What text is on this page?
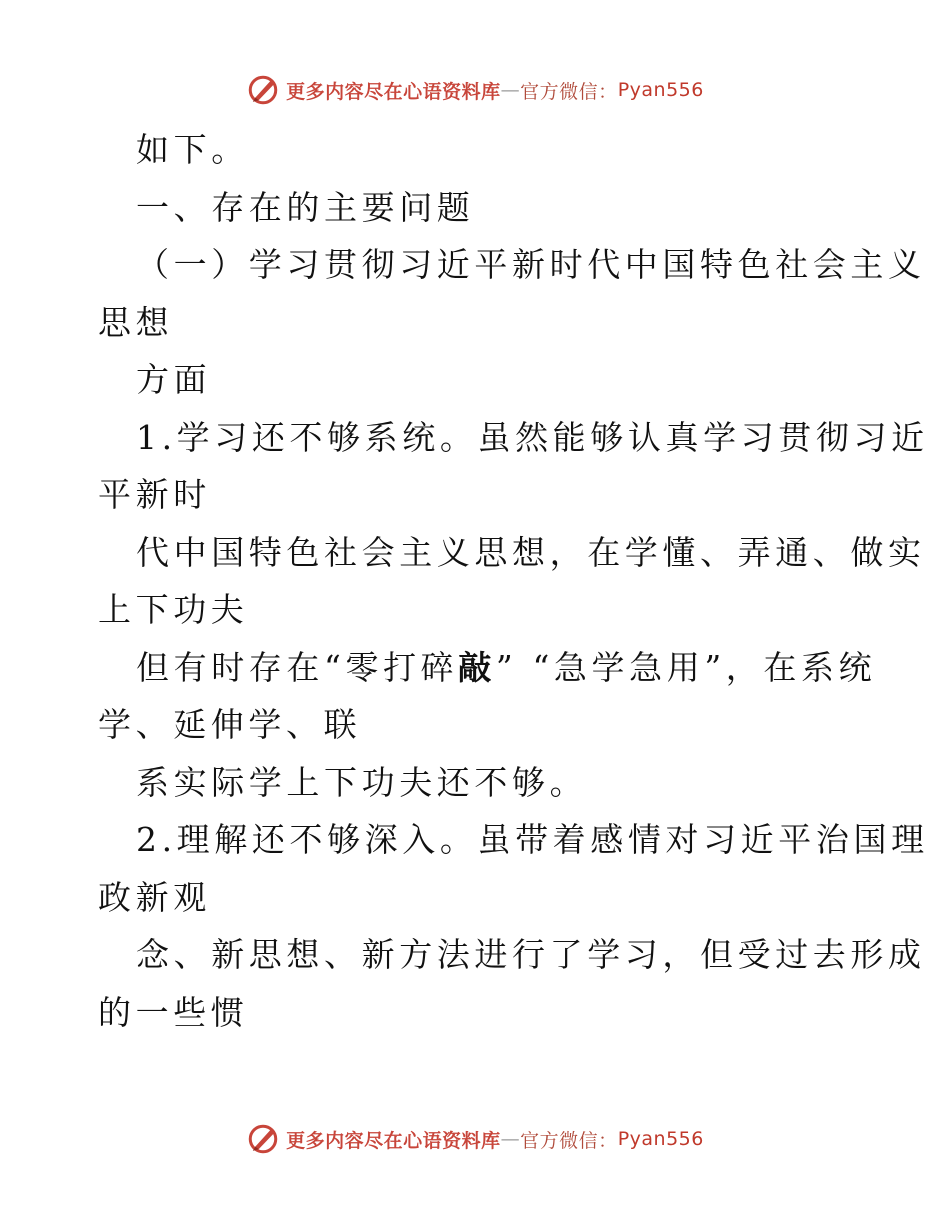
更多内容尽在心语资料库 — 官方微信： Pyan556
如下。
一、存在的主要问题
（一）学习贯彻习近平新时代中国特色社会主义
思想
方面
1.学习还不够系统。虽然能够认真学习贯彻习近
平新时
代中国特色社会主义思想，在学懂、弄通、做实
上下功夫
但有时存在“零打碎敲” “急学急用”，在系统
学、延伸学、联
系实际学上下功夫还不够。
2.理解还不够深入。虽带着感情对习近平治国理
政新观
念、新思想、新方法进行了学习，但受过去形成
的一些惯
更多内容尽在心语资料库 — 官方微信： Pyan556
